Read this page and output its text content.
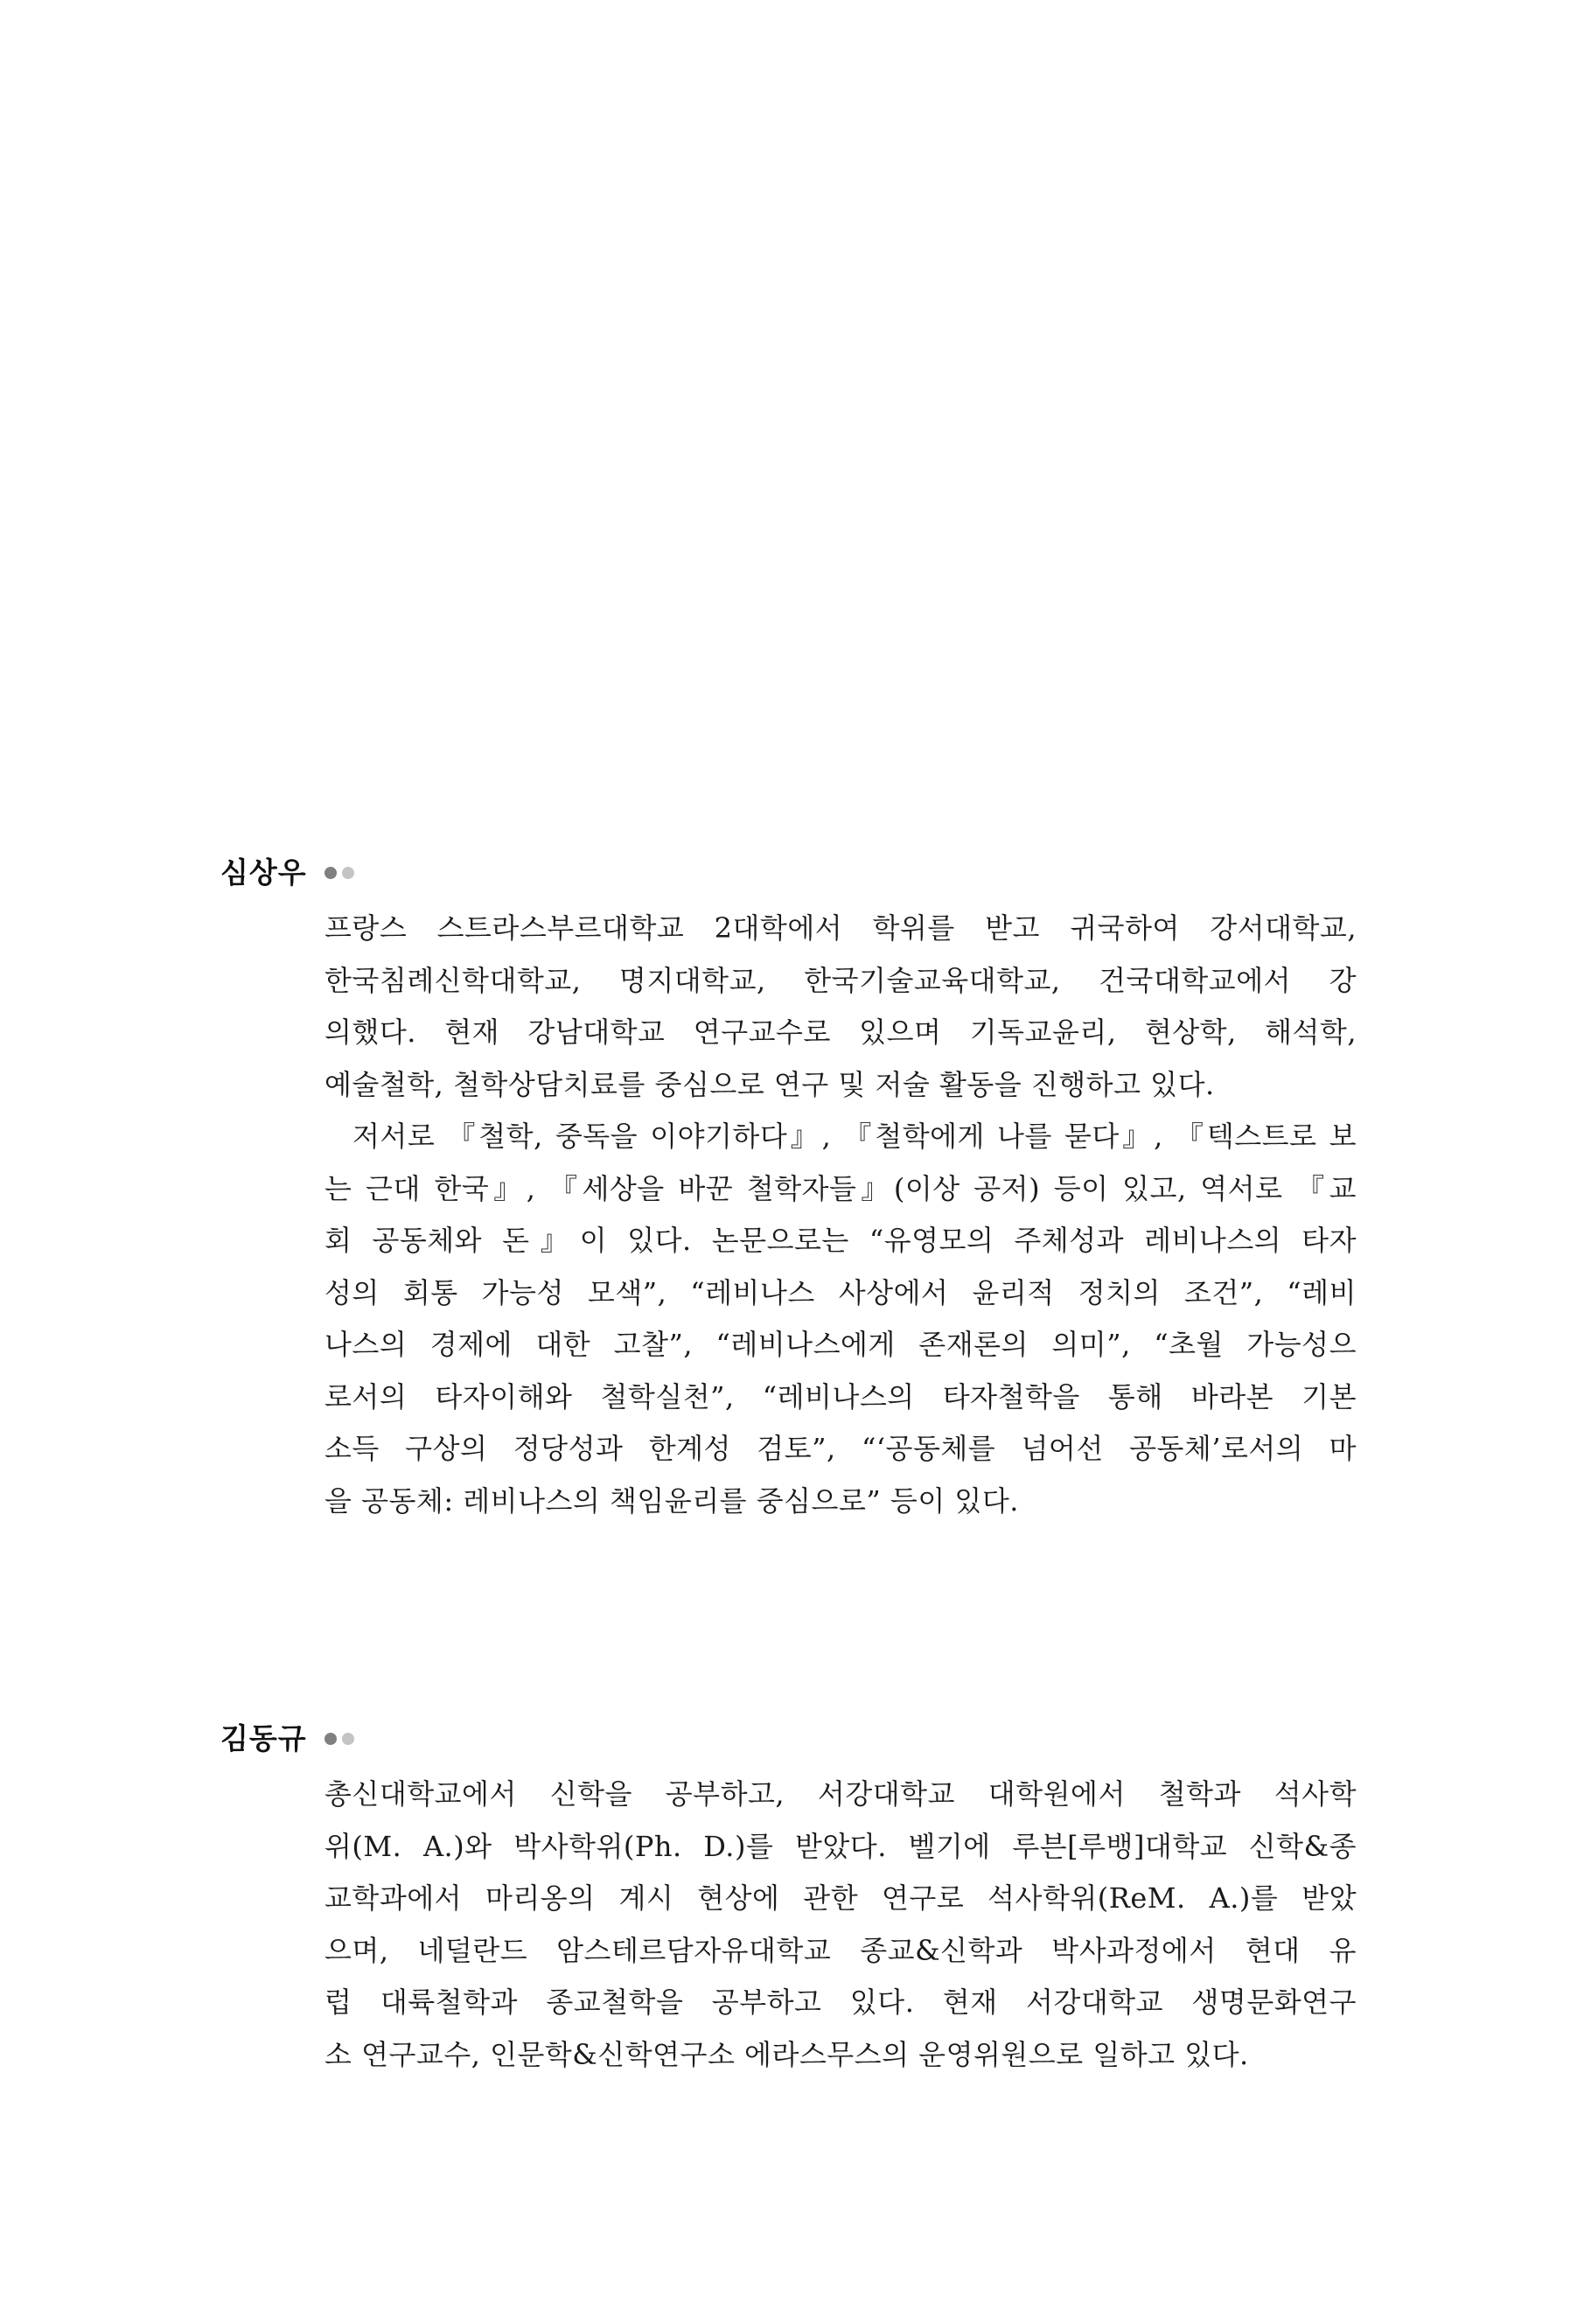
심상우
프랑스 스트라스부르대학교 2대학에서 학위를 받고 귀국하여 강서대학교,
한국침례신학대학교, 명지대학교, 한국기술교육대학교, 건국대학교에서 강
의했다. 현재 강남대학교 연구교수로 있으며 기독교윤리, 현상학, 해석학,
예술철학, 철학상담치료를 중심으로 연구 및 저술 활동을 진행하고 있다.
저서로 『철학, 중독을 이야기하다』, 『철학에게 나를 묻다』, 『텍스트로 보
는 근대 한국』, 『세상을 바꾼 철학자들』(이상 공저) 등이 있고, 역서로 『교
회 공동체와 돈』이 있다. 논문으로는 “유영모의 주체성과 레비나스의 타자
성의 회통 가능성 모색”, “레비나스 사상에서 윤리적 정치의 조건”, “레비
나스의 경제에 대한 고찰”, “레비나스에게 존재론의 의미”, “초월 가능성으
로서의 타자이해와 철학실천”, “레비나스의 타자철학을 통해 바라본 기본
소득 구상의 정당성과 한계성 검토”, “‘공동체를 넘어선 공동체’로서의 마
을 공동체: 레비나스의 책임윤리를 중심으로” 등이 있다.
김동규
총신대학교에서 신학을 공부하고, 서강대학교 대학원에서 철학과 석사학
위(M. A.)와 박사학위(Ph. D.)를 받았다. 벨기에 루븐[루뱅]대학교 신학&종
교학과에서 마리옹의 계시 현상에 관한 연구로 석사학위(ReM. A.)를 받았
으며, 네덜란드 암스테르담자유대학교 종교&신학과 박사과정에서 현대 유
럽 대륙철학과 종교철학을 공부하고 있다. 현재 서강대학교 생명문화연구
소 연구교수, 인문학&신학연구소 에라스무스의 운영위원으로 일하고 있다.
